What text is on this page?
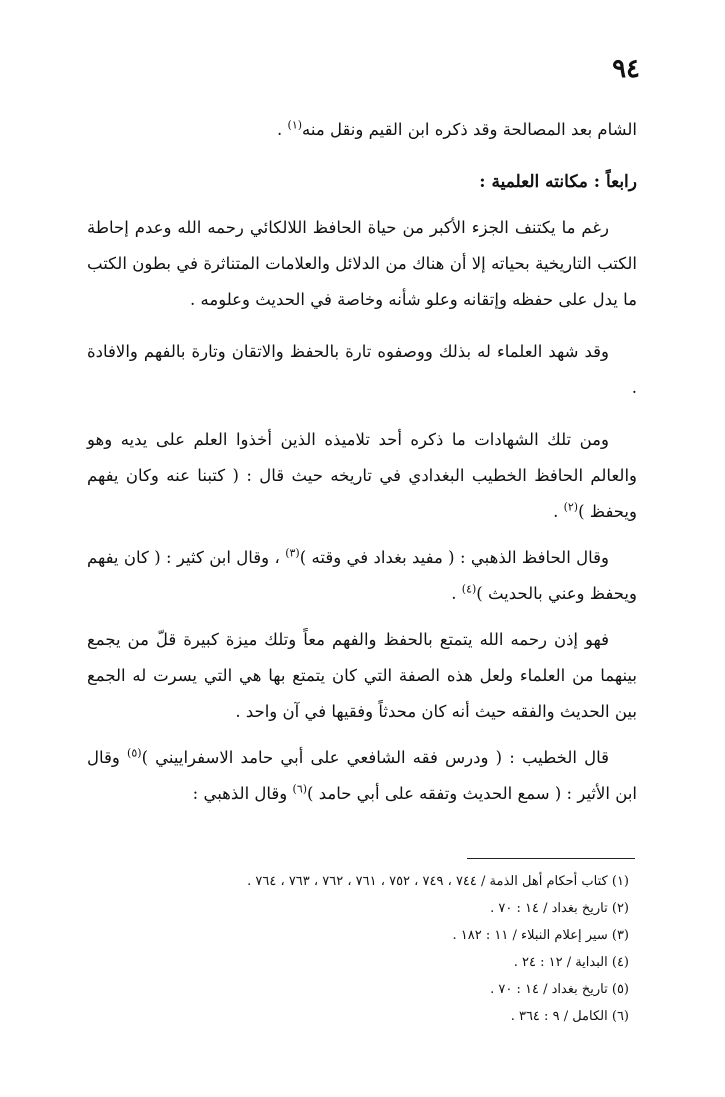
٩٤

الشام بعد المصالحة وقد ذكره ابن القيم ونقل منه$^{(١)}$ .

رابعاً : مكانته العلمية :

رغم ما يكتنف الجزء الأكبر من حياة الحافظ اللالكائي رحمه الله وعدم إحاطة الكتب التاريخية بحياته إلا أن هناك من الدلائل والعلامات المتناثرة في بطون الكتب ما يدل على حفظه وإتقانه وعلو شأنه وخاصة في الحديث وعلومه .

وقد شهد العلماء له بذلك ووصفوه تارة بالحفظ والاتقان وتارة بالفهم والافادة .

ومن تلك الشهادات ما ذكره أحد تلاميذه الذين أخذوا العلم على يديه وهو والعالم الحافظ الخطيب البغدادي في تاريخه حيث قال : ( كتبنا عنه وكان يفهم ويحفظ )$^{(٢)}$ .

وقال الحافظ الذهبي : ( مفيد بغداد في وقته )$^{(٣)}$ ، وقال ابن كثير : ( كان يفهم ويحفظ وعني بالحديث )$^{(٤)}$ .

فهو إذن رحمه الله يتمتع بالحفظ والفهم معاً وتلك ميزة كبيرة قلّ من يجمع بينهما من العلماء ولعل هذه الصفة التي كان يتمتع بها هي التي يسرت له الجمع بين الحديث والفقه حيث أنه كان محدثاً وفقيها في آن واحد .

قال الخطيب : ( ودرس فقه الشافعي على أبي حامد الاسفراييني )$^{(٥)}$ وقال ابن الأثير : ( سمع الحديث وتفقه على أبي حامد )$^{(٦)}$ وقال الذهبي :

(١) كتاب أحكام أهل الذمة / ٧٤٤ ، ٧٤٩ ، ٧٥٢ ، ٧٦١ ، ٧٦٢ ، ٧٦٣ ، ٧٦٤ .

(٢) تاريخ بغداد / ١٤ : ٧٠ .

(٣) سير إعلام النبلاء / ١١ : ١٨٢ .

(٤) البداية / ١٢ : ٢٤ .

(٥) تاريخ بغداد / ١٤ : ٧٠ .

(٦) الكامل / ٩ : ٣٦٤ .
